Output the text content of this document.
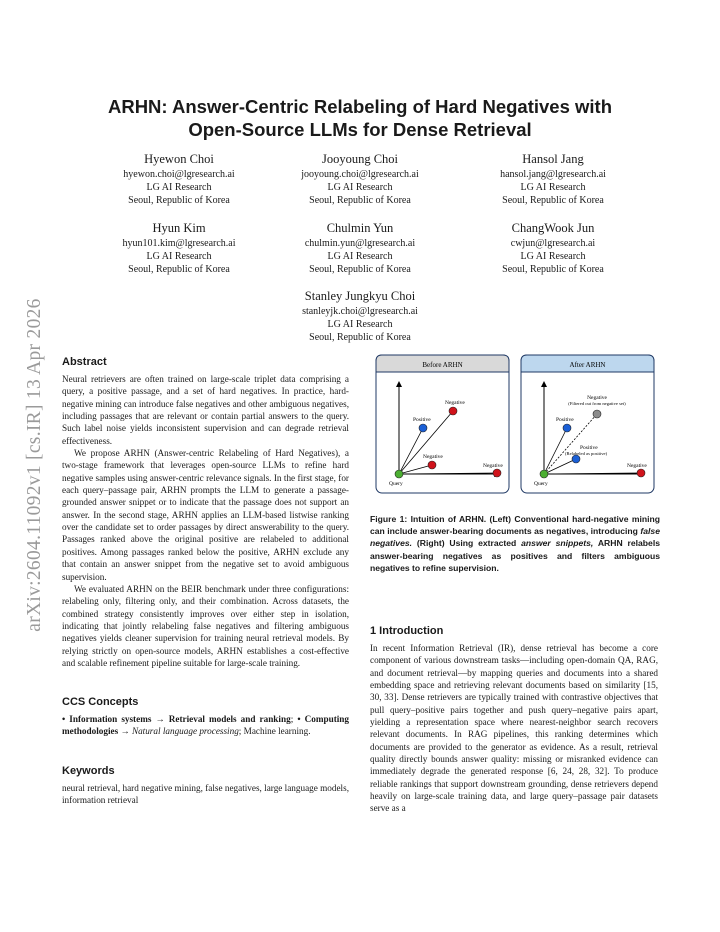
arXiv:2604.11092v1 [cs.IR] 13 Apr 2026
ARHN: Answer-Centric Relabeling of Hard Negatives with
Open-Source LLMs for Dense Retrieval
Hyewon Choi
hyewon.choi@lgresearch.ai
LG AI Research
Seoul, Republic of Korea
Jooyoung Choi
jooyoung.choi@lgresearch.ai
LG AI Research
Seoul, Republic of Korea
Hansol Jang
hansol.jang@lgresearch.ai
LG AI Research
Seoul, Republic of Korea
Hyun Kim
hyun101.kim@lgresearch.ai
LG AI Research
Seoul, Republic of Korea
Chulmin Yun
chulmin.yun@lgresearch.ai
LG AI Research
Seoul, Republic of Korea
ChangWook Jun
cwjun@lgresearch.ai
LG AI Research
Seoul, Republic of Korea
Stanley Jungkyu Choi
stanleyjk.choi@lgresearch.ai
LG AI Research
Seoul, Republic of Korea
Abstract

Neural retrievers are often trained on large-scale triplet data comprising a query, a positive passage, and a set of hard negatives. In practice, hard-negative mining can introduce false negatives and other ambiguous negatives, including passages that are relevant or contain partial answers to the query. Such label noise yields inconsistent supervision and can degrade retrieval effectiveness.

We propose ARHN (Answer-centric Relabeling of Hard Negatives), a two-stage framework that leverages open-source LLMs to refine hard negative samples using answer-centric relevance signals. In the first stage, for each query–passage pair, ARHN prompts the LLM to generate a passage-grounded answer snippet or to indicate that the passage does not support an answer. In the second stage, ARHN applies an LLM-based listwise ranking over the candidate set to order passages by direct answerability to the query. Passages ranked above the original positive are relabeled to additional positives. Among passages ranked below the positive, ARHN exclude any that contain an answer snippet from the negative set to avoid ambiguous supervision.

We evaluated ARHN on the BEIR benchmark under three configurations: relabeling only, filtering only, and their combination. Across datasets, the combined strategy consistently improves over either step in isolation, indicating that jointly relabeling false negatives and filtering ambiguous negatives yields cleaner supervision for training neural retrieval models. By relying strictly on open-source models, ARHN establishes a cost-effective and scalable refinement pipeline suitable for large-scale training.

CCS Concepts
• Information systems → Retrieval models and ranking; • Computing methodologies → Natural language processing; Machine learning.
Keywords
neural retrieval, hard negative mining, false negatives, large language models, information retrieval
Before ARHN
Query
Positive
Negative
Negative
Negative
After ARHN
Query
Positive
Negative
(Filtered out from negative set)
Positive
(Relabeled as positive)
Negative
Figure 1: Intuition of ARHN. (Left) Conventional hard-negative mining can include answer-bearing documents as negatives, introducing false negatives. (Right) Using extracted answer snippets, ARHN relabels answer-bearing negatives as positives and filters ambiguous negatives to refine supervision.
1 Introduction
In recent Information Retrieval (IR), dense retrieval has become a core component of various downstream tasks—including open-domain QA, RAG, and document retrieval—by mapping queries and documents into a shared embedding space and retrieving relevant documents based on similarity [15, 30, 33]. Dense retrievers are typically trained with contrastive objectives that pull query–positive pairs together and push query–negative pairs apart, yielding a representation space where nearest-neighbor search recovers relevant documents. In RAG pipelines, this ranking determines which documents are provided to the generator as evidence. As a result, retrieval quality directly bounds answer quality: missing or misranked evidence can immediately degrade the generated response [6, 24, 28, 32]. To produce reliable rankings that support downstream grounding, dense retrievers depend heavily on large-scale training data, and large query–passage pair datasets serve as a
